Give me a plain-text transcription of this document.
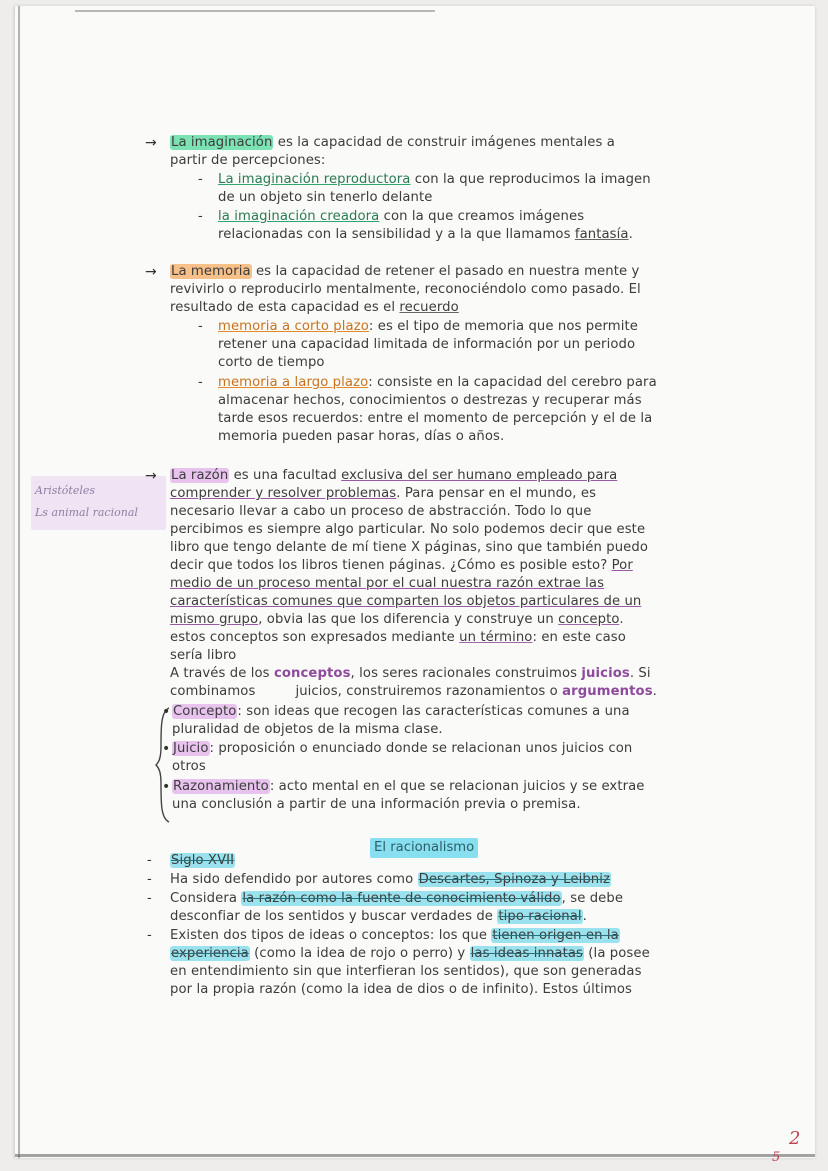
→ La imaginación es la capacidad de construir imágenes mentales a
partir de percepciones:
- La imaginación reproductora con la que reproducimos la imagen
de un objeto sin tenerlo delante
- la imaginación creadora con la que creamos imágenes
relacionadas con la sensibilidad y a la que llamamos fantasía.
→ La memoria es la capacidad de retener el pasado en nuestra mente y
revivirlo o reproducirlo mentalmente, reconociéndolo como pasado. El
resultado de esta capacidad es el recuerdo
- memoria a corto plazo: es el tipo de memoria que nos permite
retener una capacidad limitada de información por un periodo
corto de tiempo
- memoria a largo plazo: consiste en la capacidad del cerebro para
almacenar hechos, conocimientos o destrezas y recuperar más
tarde esos recuerdos: entre el momento de percepción y el de la
memoria pueden pasar horas, días o años.
Aristóteles
Ls animal racional
→ La razón es una facultad exclusiva del ser humano empleado para
comprender y resolver problemas. Para pensar en el mundo, es
necesario llevar a cabo un proceso de abstracción. Todo lo que
percibimos es siempre algo particular. No solo podemos decir que este
libro que tengo delante de mí tiene X páginas, sino que también puedo
decir que todos los libros tienen páginas. ¿Cómo es posible esto? Por
medio de un proceso mental por el cual nuestra razón extrae las
características comunes que comparten los objetos particulares de un
mismo grupo, obvia las que los diferencia y construye un concepto.
estos conceptos son expresados mediante un término: en este caso
sería libro
A través de los conceptos, los seres racionales construimos juicios. Si
combinamos	juicios, construiremos razonamientos o argumentos.
• Concepto: son ideas que recogen las características comunes a una
pluralidad de objetos de la misma clase.
• Juicio: proposición o enunciado donde se relacionan unos juicios con
otros
• Razonamiento: acto mental en el que se relacionan juicios y se extrae
una conclusión a partir de una información previa o premisa.
El racionalismo
- Siglo XVII
- Ha sido defendido por autores como Descartes, Spinoza y Leibniz
- Considera la razón como la fuente de conocimiento válido, se debe
desconfiar de los sentidos y buscar verdades de tipo racional.
- Existen dos tipos de ideas o conceptos: los que tienen origen en la
experiencia (como la idea de rojo o perro) y las ideas innatas (la posee
en entendimiento sin que interfieran los sentidos), que son generadas
por la propia razón (como la idea de dios o de infinito). Estos últimos
2
5
